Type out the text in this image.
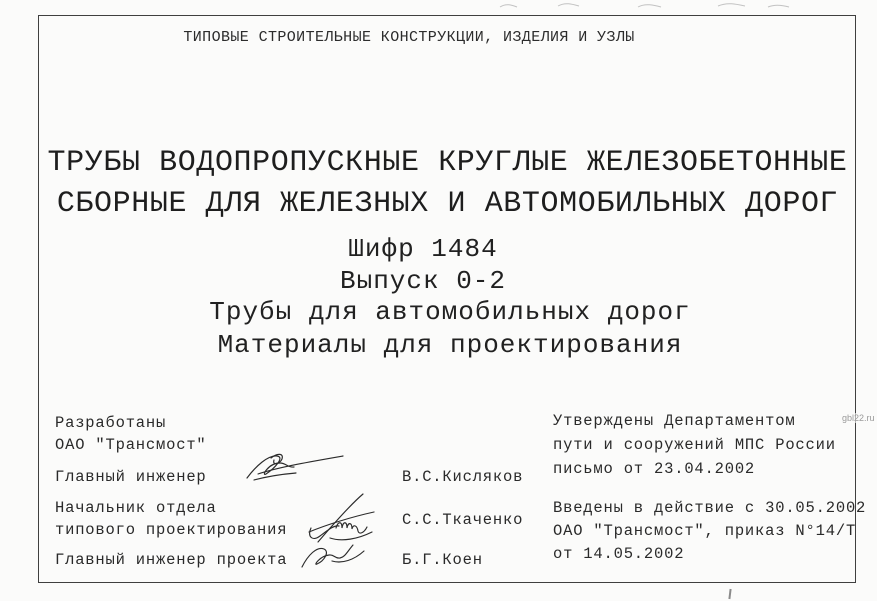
ТИПОВЫЕ СТРОИТЕЛЬНЫЕ КОНСТРУКЦИИ, ИЗДЕЛИЯ И УЗЛЫ
ТРУБЫ ВОДОПРОПУСКНЫЕ КРУГЛЫЕ ЖЕЛЕЗОБЕТОННЫЕ
СБОРНЫЕ ДЛЯ ЖЕЛЕЗНЫХ И АВТОМОБИЛЬНЫХ ДОРОГ
Шифр 1484
Выпуск 0-2
Трубы для автомобильных дорог
Материалы для проектирования
Разработаны
ОАО "Трансмост"
Главный инженер	В.С.Кисляков
Начальник отдела
типового проектирования
С.С.Ткаченко
Главный инженер проекта	Б.Г.Коен
Утверждены Департаментом
пути и сооружений МПС России
письмо от 23.04.2002
Введены в действие с 30.05.2002
ОАО "Трансмост", приказ N°14/Т
от 14.05.2002
gbl22.ru
